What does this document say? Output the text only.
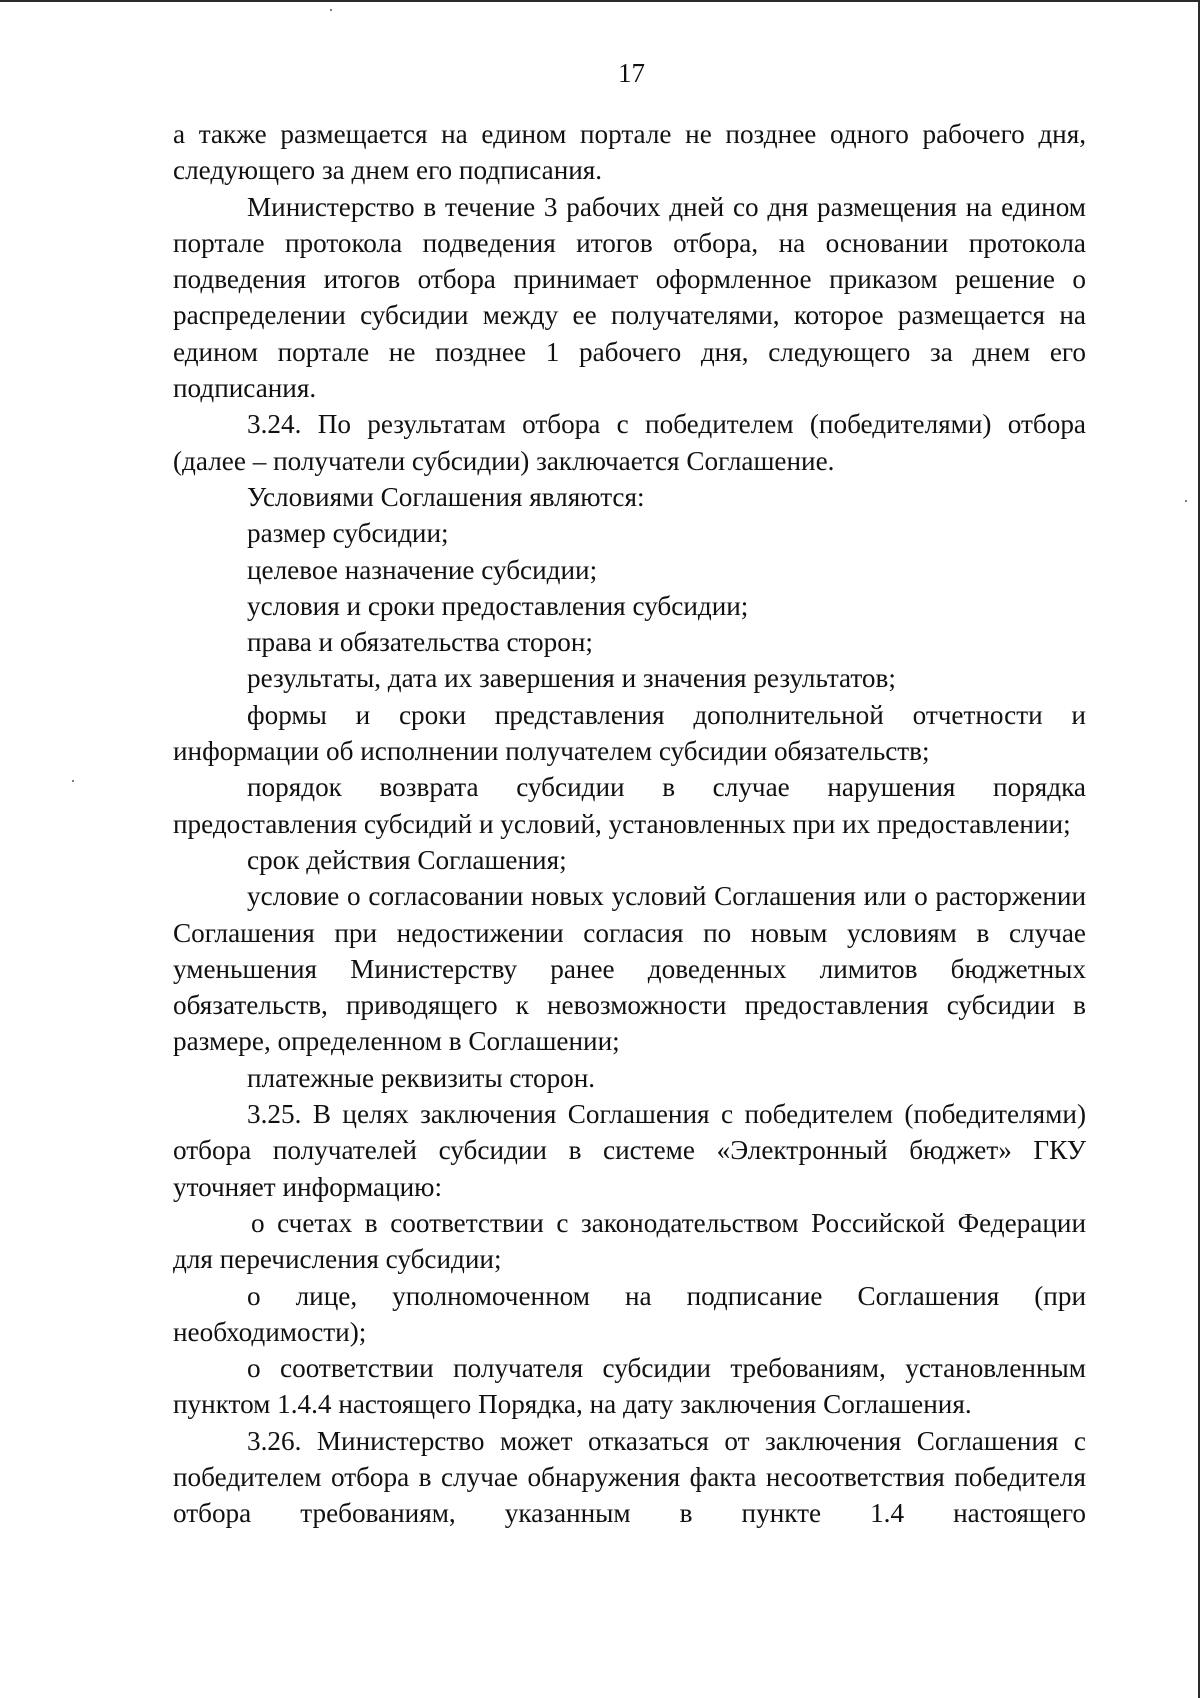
17

а также размещается на едином портале не позднее одного рабочего дня, следующего за днем его подписания.

Министерство в течение 3 рабочих дней со дня размещения на едином портале протокола подведения итогов отбора, на основании протокола подведения итогов отбора принимает оформленное приказом решение о распределении субсидии между ее получателями, которое размещается на едином портале не позднее 1 рабочего дня, следующего за днем его подписания.

3.24. По результатам отбора с победителем (победителями) отбора (далее – получатели субсидии) заключается Соглашение.

Условиями Соглашения являются:

размер субсидии;

целевое назначение субсидии;

условия и сроки предоставления субсидии;

права и обязательства сторон;

результаты, дата их завершения и значения результатов;

формы и сроки представления дополнительной отчетности и информации об исполнении получателем субсидии обязательств;

порядок возврата субсидии в случае нарушения порядка предоставления субсидий и условий, установленных при их предоставлении;

срок действия Соглашения;

условие о согласовании новых условий Соглашения или о расторжении Соглашения при недостижении согласия по новым условиям в случае уменьшения Министерству ранее доведенных лимитов бюджетных обязательств, приводящего к невозможности предоставления субсидии в размере, определенном в Соглашении;

платежные реквизиты сторон.

3.25. В целях заключения Соглашения с победителем (победителями) отбора получателей субсидии в системе «Электронный бюджет» ГКУ уточняет информацию:

о счетах в соответствии с законодательством Российской Федерации для перечисления субсидии;

о лице, уполномоченном на подписание Соглашения (при необходимости);

о соответствии получателя субсидии требованиям, установленным пунктом 1.4.4 настоящего Порядка, на дату заключения Соглашения.

3.26. Министерство может отказаться от заключения Соглашения с победителем отбора в случае обнаружения факта несоответствия победителя отбора требованиям, указанным в пункте 1.4 настоящего
